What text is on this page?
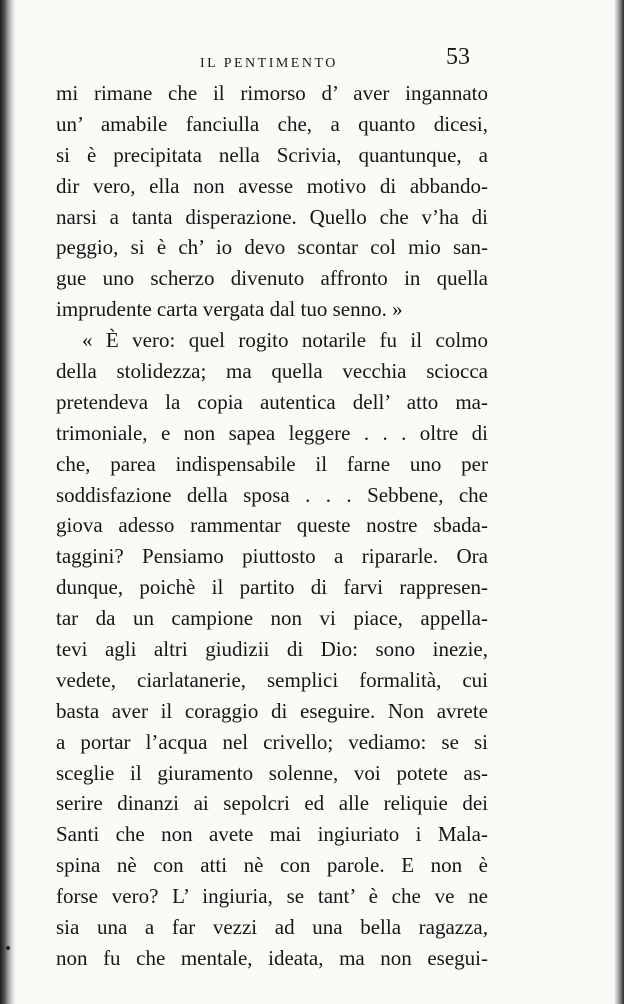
IL PENTIMENTO	53
mi rimane che il rimorso d’ aver ingannato
un’ amabile fanciulla che, a quanto dicesi,
si è precipitata nella Scrivia, quantunque, a
dir vero, ella non avesse motivo di abbando-
narsi a tanta disperazione. Quello che v’ha di
peggio, si è ch’ io devo scontar col mio san-
gue uno scherzo divenuto affronto in quella
imprudente carta vergata dal tuo senno. »
« È vero: quel rogito notarile fu il colmo
della stolidezza; ma quella vecchia sciocca
pretendeva la copia autentica dell’ atto ma-
trimoniale, e non sapea leggere . . . oltre di
che, parea indispensabile il farne uno per
soddisfazione della sposa . . . Sebbene, che
giova adesso rammentar queste nostre sbada-
taggini? Pensiamo piuttosto a ripararle. Ora
dunque, poichè il partito di farvi rappresen-
tar da un campione non vi piace, appella-
tevi agli altri giudizii di Dio: sono inezie,
vedete, ciarlatanerie, semplici formalità, cui
basta aver il coraggio di eseguire. Non avrete
a portar l’acqua nel crivello; vediamo: se si
sceglie il giuramento solenne, voi potete as-
serire dinanzi ai sepolcri ed alle reliquie dei
Santi che non avete mai ingiuriato i Mala-
spina nè con atti nè con parole. E non è
forse vero? L’ ingiuria, se tant’ è che ve ne
sia una a far vezzi ad una bella ragazza,
non fu che mentale, ideata, ma non esegui-
